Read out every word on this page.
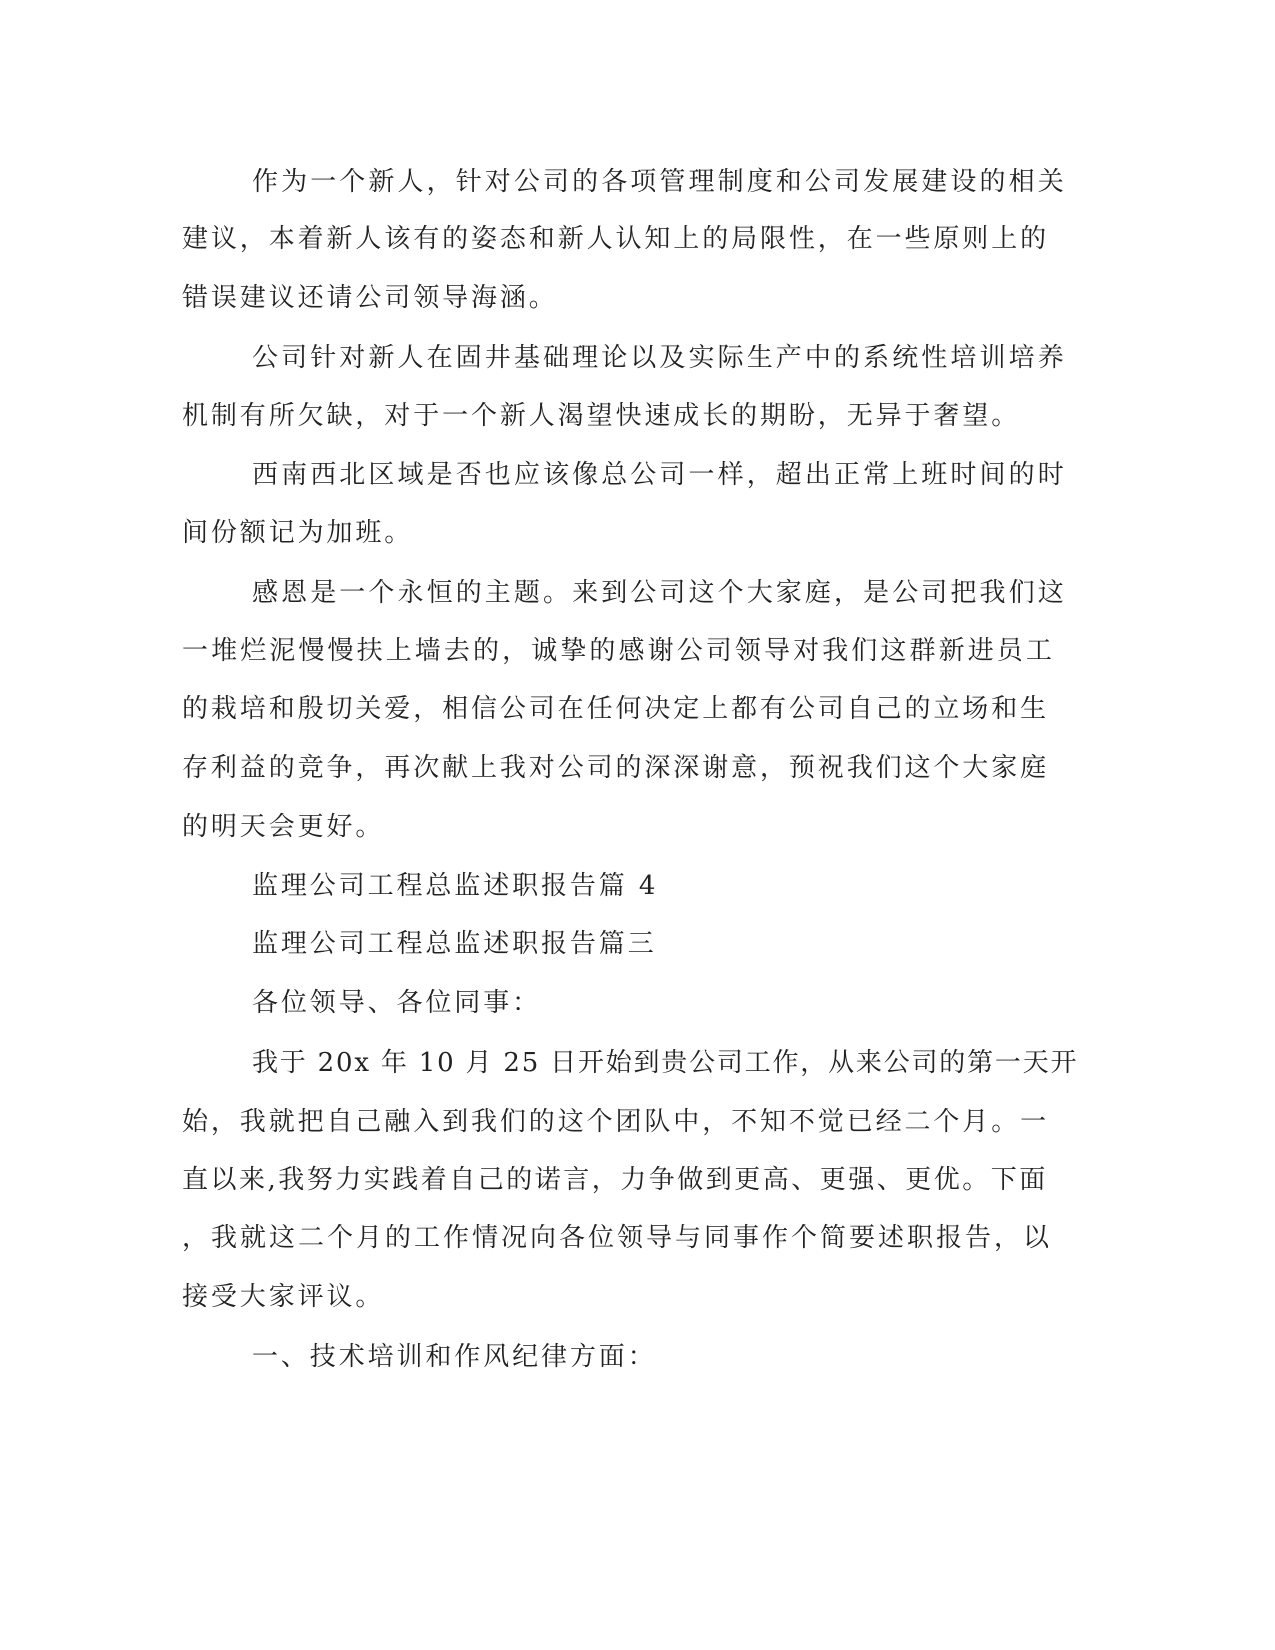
作为一个新人，针对公司的各项管理制度和公司发展建设的相关
建议，本着新人该有的姿态和新人认知上的局限性，在一些原则上的
错误建议还请公司领导海涵。
公司针对新人在固井基础理论以及实际生产中的系统性培训培养
机制有所欠缺，对于一个新人渴望快速成长的期盼，无异于奢望。
西南西北区域是否也应该像总公司一样，超出正常上班时间的时
间份额记为加班。
感恩是一个永恒的主题。来到公司这个大家庭，是公司把我们这
一堆烂泥慢慢扶上墙去的，诚挚的感谢公司领导对我们这群新进员工
的栽培和殷切关爱，相信公司在任何决定上都有公司自己的立场和生
存利益的竞争，再次献上我对公司的深深谢意，预祝我们这个大家庭
的明天会更好。
监理公司工程总监述职报告篇 4
监理公司工程总监述职报告篇三
各位领导、各位同事：
我于 20x 年 10 月 25 日开始到贵公司工作，从来公司的第一天开
始，我就把自己融入到我们的这个团队中，不知不觉已经二个月。一
直以来,我努力实践着自己的诺言，力争做到更高、更强、更优。下面
，我就这二个月的工作情况向各位领导与同事作个简要述职报告，以
接受大家评议。
一、技术培训和作风纪律方面：
